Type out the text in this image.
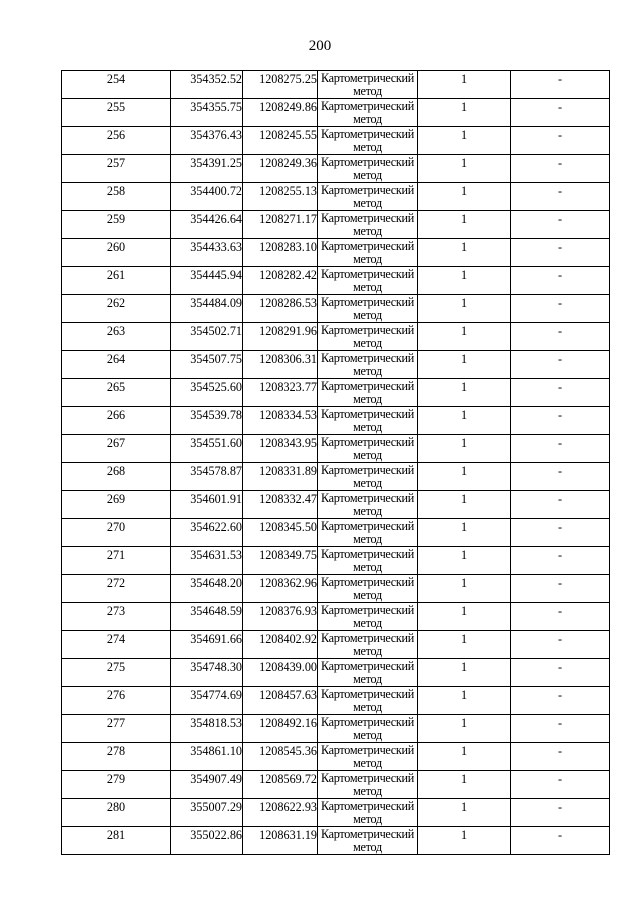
200
254	354352.52	1208275.25	Картометрический метод	1	-

255	354355.75	1208249.86	Картометрический метод	1	-

256	354376.43	1208245.55	Картометрический метод	1	-

257	354391.25	1208249.36	Картометрический метод	1	-

258	354400.72	1208255.13	Картометрический метод	1	-

259	354426.64	1208271.17	Картометрический метод	1	-

260	354433.63	1208283.10	Картометрический метод	1	-

261	354445.94	1208282.42	Картометрический метод	1	-

262	354484.09	1208286.53	Картометрический метод	1	-

263	354502.71	1208291.96	Картометрический метод	1	-

264	354507.75	1208306.31	Картометрический метод	1	-

265	354525.60	1208323.77	Картометрический метод	1	-

266	354539.78	1208334.53	Картометрический метод	1	-

267	354551.60	1208343.95	Картометрический метод	1	-

268	354578.87	1208331.89	Картометрический метод	1	-

269	354601.91	1208332.47	Картометрический метод	1	-

270	354622.60	1208345.50	Картометрический метод	1	-

271	354631.53	1208349.75	Картометрический метод	1	-

272	354648.20	1208362.96	Картометрический метод	1	-

273	354648.59	1208376.93	Картометрический метод	1	-

274	354691.66	1208402.92	Картометрический метод	1	-

275	354748.30	1208439.00	Картометрический метод	1	-

276	354774.69	1208457.63	Картометрический метод	1	-

277	354818.53	1208492.16	Картометрический метод	1	-

278	354861.10	1208545.36	Картометрический метод	1	-

279	354907.49	1208569.72	Картометрический метод	1	-

280	355007.29	1208622.93	Картометрический метод	1	-

281	355022.86	1208631.19	Картометрический метод	1	-
